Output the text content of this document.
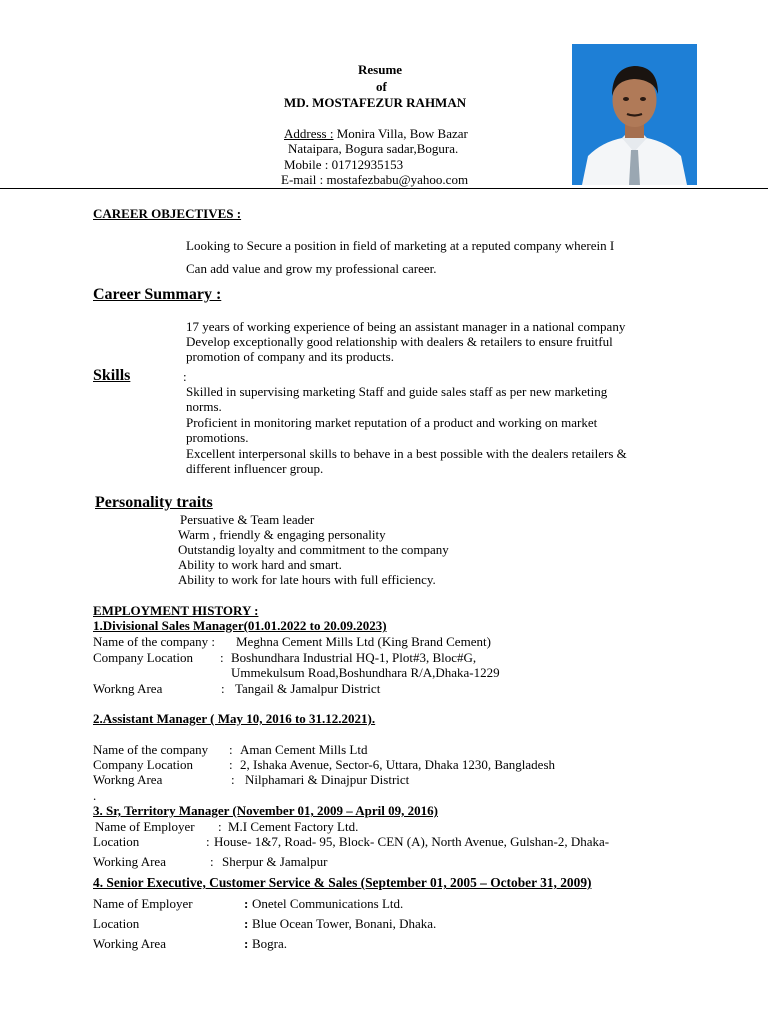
Resume
of
MD. MOSTAFEZUR RAHMAN
Address : Monira Villa, Bow Bazar
Nataipara, Bogura sadar,Bogura.
Mobile : 01712935153
E-mail : mostafezbabu@yahoo.com
CAREER OBJECTIVES :
Looking to Secure a position in field of marketing at a reputed company wherein I
Can add value and grow my professional career.
Career Summary :
17 years of working experience of being an assistant manager in a national company
Develop exceptionally good relationship with dealers & retailers to ensure fruitful
promotion of company and its products.
Skills	:
Skilled in supervising marketing Staff and guide sales staff as per new marketing
norms.
Proficient in monitoring market reputation of a product and working on market
promotions.
Excellent interpersonal skills to behave in a best possible with the dealers retailers &
different influencer group.
Personality traits
Persuative & Team leader
Warm , friendly & engaging personality
Outstandig loyalty and commitment to the company
Ability to work hard and smart.
Ability to work for late hours with full efficiency.
EMPLOYMENT HISTORY :
1.Divisional Sales Manager(01.01.2022 to 20.09.2023)
Name of the company : Meghna Cement Mills Ltd (King Brand Cement)
Company Location : Boshundhara Industrial HQ-1, Plot#3, Bloc#G,
Ummekulsum Road,Boshundhara R/A,Dhaka-1229
Workng Area	: Tangail & Jamalpur District
2.Assistant Manager ( May 10, 2016 to 31.12.2021).
Name of the company : Aman Cement Mills Ltd
Company Location	: 2, Ishaka Avenue, Sector-6, Uttara, Dhaka 1230, Bangladesh
Workng Area	: Nilphamari & Dinajpur District
.
3. Sr, Territory Manager (November 01, 2009 – April 09, 2016)
Name of Employer : M.I Cement Factory Ltd.
Location	: House- 1&7, Road- 95, Block- CEN (A), North Avenue, Gulshan-2, Dhaka-
Working Area	: Sherpur & Jamalpur
4. Senior Executive, Customer Service & Sales (September 01, 2005 – October 31, 2009)
Name of Employer	: Onetel Communications Ltd.
Location	: Blue Ocean Tower, Bonani, Dhaka.
Working Area	: Bogra.
